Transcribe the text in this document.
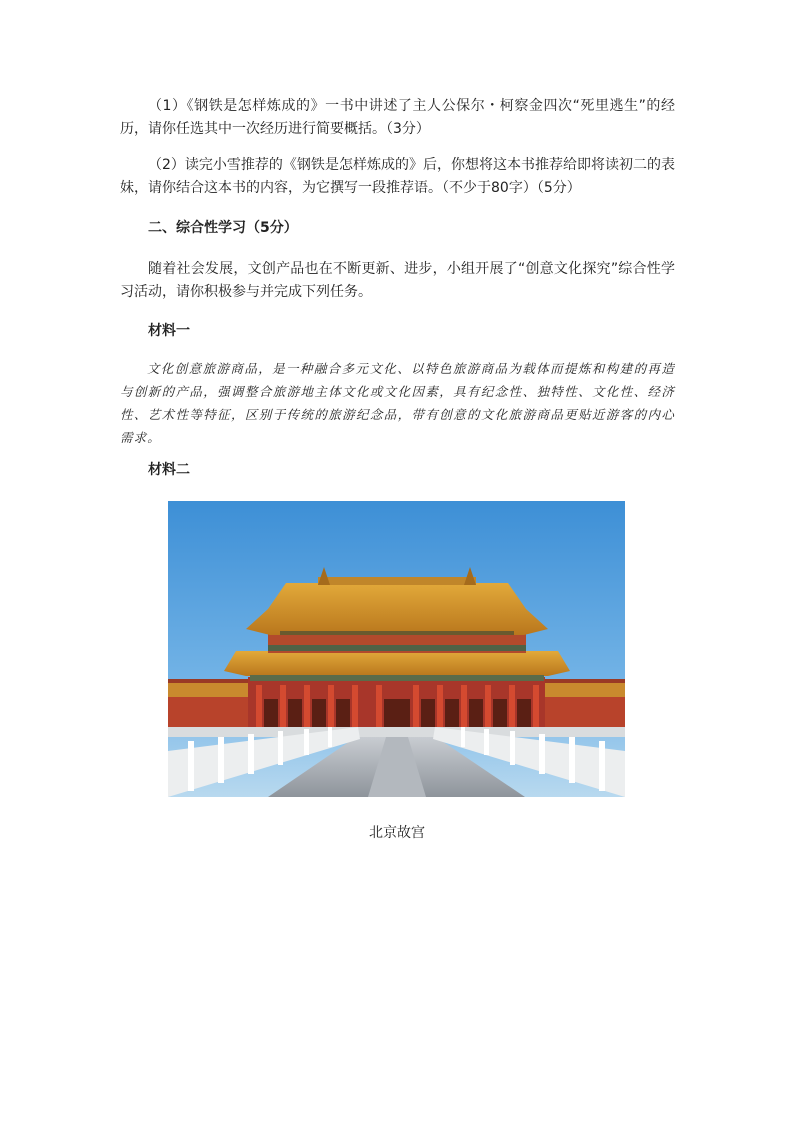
（1）《钢铁是怎样炼成的》一书中讲述了主人公保尔・柯察金四次“死里逃生”的经历，请你任选其中一次经历进行简要概括。（3分）

（2）读完小雪推荐的《钢铁是怎样炼成的》后，你想将这本书推荐给即将读初二的表妹，请你结合这本书的内容，为它撰写一段推荐语。（不少于80字）（5分）

二、综合性学习（5分）

随着社会发展，文创产品也在不断更新、进步，小组开展了“创意文化探究”综合性学习活动，请你积极参与并完成下列任务。

材料一

文化创意旅游商品，是一种融合多元文化、以特色旅游商品为载体而提炼和构建的再造与创新的产品，强调整合旅游地主体文化或文化因素，具有纪念性、独特性、文化性、经济性、艺术性等特征，区别于传统的旅游纪念品，带有创意的文化旅游商品更贴近游客的内心需求。

材料二

北京故宫
